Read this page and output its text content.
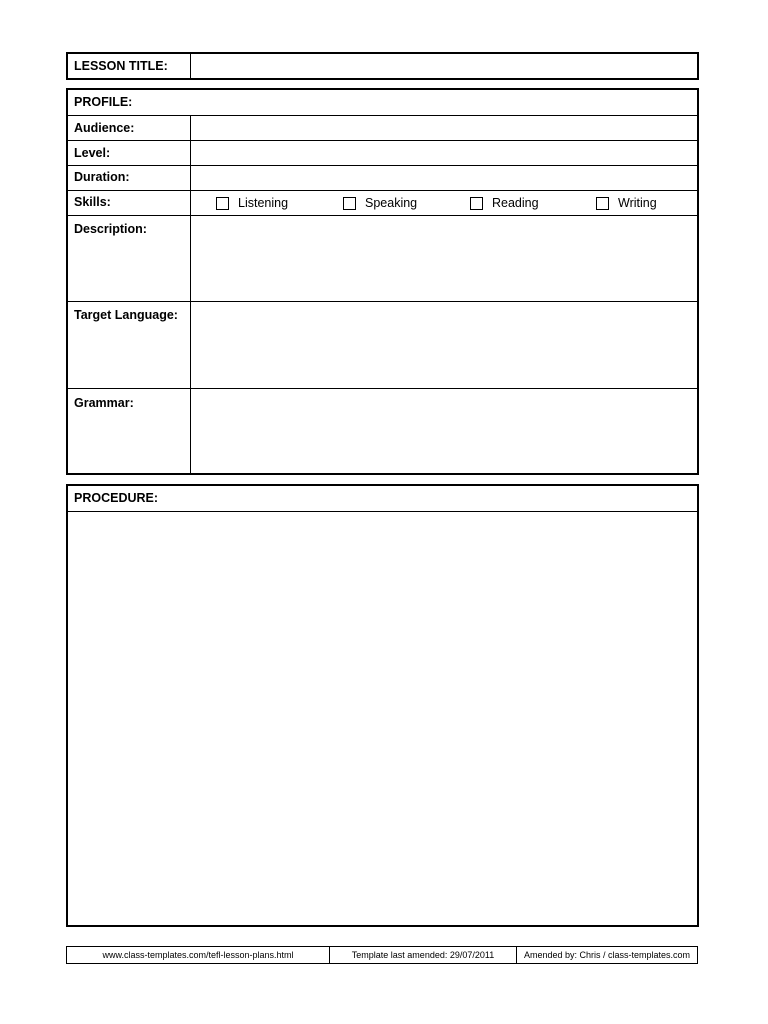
LESSON TITLE:
PROFILE:
Audience:
Level:
Duration:
Skills:	Listening	Speaking	Reading	Writing
Description:
Target Language:
Grammar:
PROCEDURE:
www.class-templates.com/tefl-lesson-plans.html	Template last amended: 29/07/2011	Amended by: Chris / class-templates.com
